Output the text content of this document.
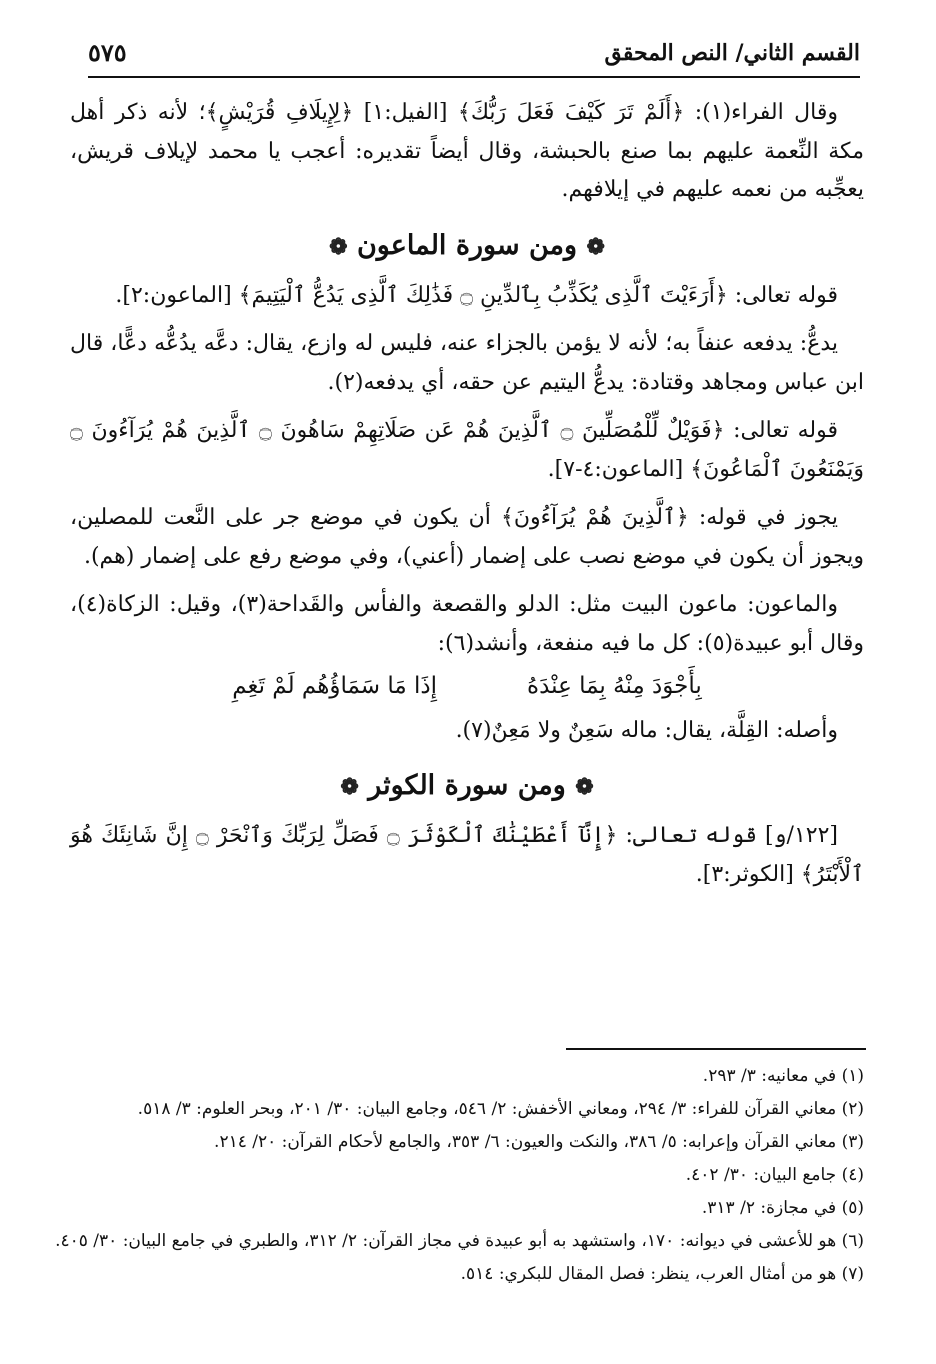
القسم الثاني/ النص المحقق
٥٧٥

وقال الفراء(١): ﴿أَلَمْ تَرَ كَيْفَ فَعَلَ رَبُّكَ﴾ [الفيل:١] ﴿لِإِيلَافِ قُرَيْشٍ﴾؛ لأنه ذكر أهل مكة النِّعمة عليهم بما صنع بالحبشة، وقال أيضاً تقديره: أعجب يا محمد لإيلاف قريش، يعجِّبه من نعمه عليهم في إيلافهم.

❁ ومن سورة الماعون ❁

قوله تعالى: ﴿أَرَءَيْتَ ٱلَّذِى يُكَذِّبُ بِٱلدِّينِ ۝ فَذَٰلِكَ ٱلَّذِى يَدُعُّ ٱلْيَتِيمَ﴾ [الماعون:٢].

يدعُّ: يدفعه عنفاً به؛ لأنه لا يؤمن بالجزاء عنه، فليس له وازع، يقال: دعَّه يدُعُّه دعًّا، قال ابن عباس ومجاهد وقتادة: يدعُّ اليتيم عن حقه، أي يدفعه(٢).

قوله تعالى: ﴿فَوَيْلٌ لِّلْمُصَلِّينَ ۝ ٱلَّذِينَ هُمْ عَن صَلَاتِهِمْ سَاهُونَ ۝ ٱلَّذِينَ هُمْ يُرَآءُونَ ۝ وَيَمْنَعُونَ ٱلْمَاعُونَ﴾ [الماعون:٤-٧].

يجوز في قوله: ﴿ٱلَّذِينَ هُمْ يُرَآءُونَ﴾ أن يكون في موضع جر على النَّعت للمصلين، ويجوز أن يكون في موضع نصب على إضمار (أعني)، وفي موضع رفع على إضمار (هم).

والماعون: ماعون البيت مثل: الدلو والقصعة والفأس والقَداحة(٣)، وقيل: الزكاة(٤)، وقال أبو عبيدة(٥): كل ما فيه منفعة، وأنشد(٦):

بِأَجْوَدَ مِنْهُ بِمَا عِنْدَهُ
إِذَا مَا سَمَاؤُهُم لَمْ تَغِمِ

وأصله: القِلَّة، يقال: ماله سَعِنٌ ولا مَعِنٌ(٧).

❁ ومن سورة الكوثر ❁

[١٢٢/و] قوله تعالى: ﴿إِنَّآ أَعْطَيْنَٰكَ ٱلْكَوْثَرَ ۝ فَصَلِّ لِرَبِّكَ وَٱنْحَرْ ۝ إِنَّ شَانِئَكَ هُوَ ٱلْأَبْتَرُ﴾ [الكوثر:٣].

(١) في معانيه: ٣/ ٢٩٣.
(٢) معاني القرآن للفراء: ٣/ ٢٩٤، ومعاني الأخفش: ٢/ ٥٤٦، وجامع البيان: ٣٠/ ٢٠١، وبحر العلوم: ٣/ ٥١٨.
(٣) معاني القرآن وإعرابه: ٥/ ٣٨٦، والنكت والعيون: ٦/ ٣٥٣، والجامع لأحكام القرآن: ٢٠/ ٢١٤.
(٤) جامع البيان: ٣٠/ ٤٠٢.
(٥) في مجازة: ٢/ ٣١٣.
(٦) هو للأعشى في ديوانه: ١٧٠، واستشهد به أبو عبيدة في مجاز القرآن: ٢/ ٣١٢، والطبري في جامع البيان: ٣٠/ ٤٠٥.
(٧) هو من أمثال العرب، ينظر: فصل المقال للبكري: ٥١٤.
